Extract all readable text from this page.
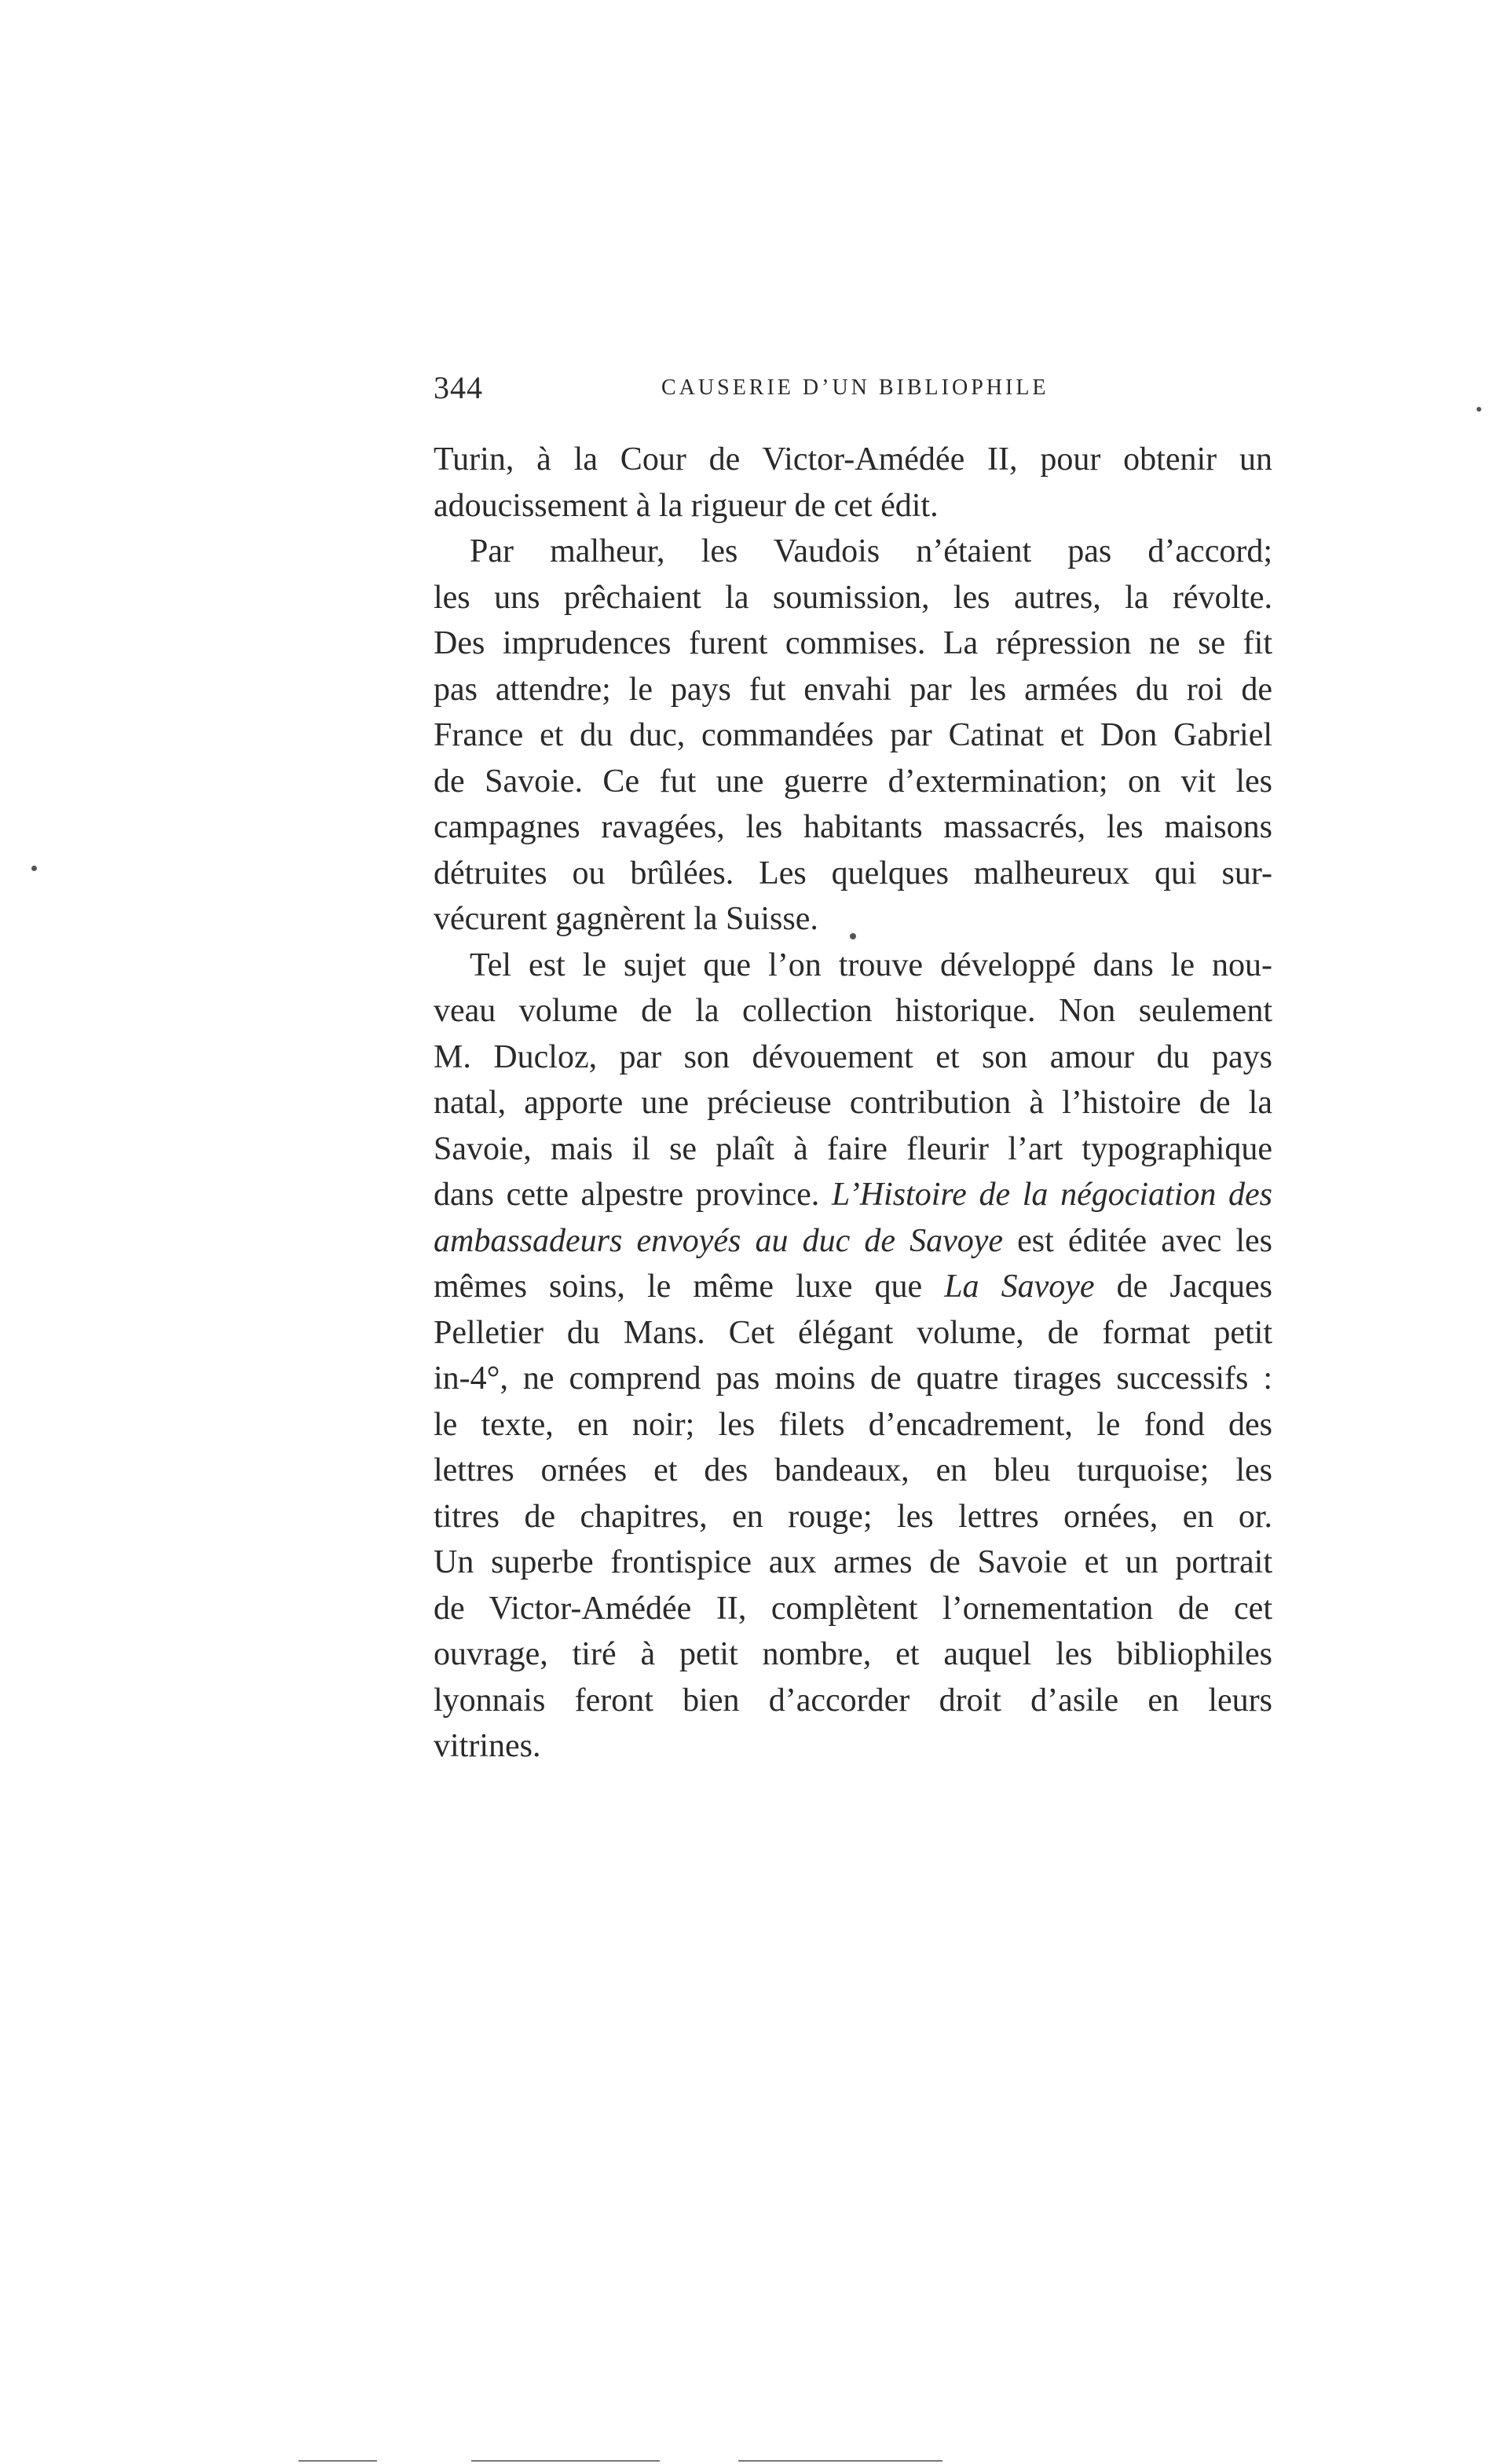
344	CAUSERIE D’UN BIBLIOPHILE

Turin, à la Cour de Victor-Amédée II, pour obtenir un

adoucissement à la rigueur de cet édit.

Par malheur, les Vaudois n’étaient pas d’accord;

les uns prêchaient la soumission, les autres, la révolte.

Des imprudences furent commises. La répression ne se fit

pas attendre; le pays fut envahi par les armées du roi de

France et du duc, commandées par Catinat et Don Gabriel

de Savoie. Ce fut une guerre d’extermination; on vit les

campagnes ravagées, les habitants massacrés, les maisons

détruites ou brûlées. Les quelques malheureux qui sur-

vécurent gagnèrent la Suisse.

Tel est le sujet que l’on trouve développé dans le nou-

veau volume de la collection historique. Non seulement

M. Ducloz, par son dévouement et son amour du pays

natal, apporte une précieuse contribution à l’histoire de la

Savoie, mais il se plaît à faire fleurir l’art typographique

dans cette alpestre province. L’Histoire de la négociation des

ambassadeurs envoyés au duc de Savoye est éditée avec les

mêmes soins, le même luxe que La Savoye de Jacques

Pelletier du Mans. Cet élégant volume, de format petit

in-4°, ne comprend pas moins de quatre tirages successifs :

le texte, en noir; les filets d’encadrement, le fond des

lettres ornées et des bandeaux, en bleu turquoise; les

titres de chapitres, en rouge; les lettres ornées, en or.

Un superbe frontispice aux armes de Savoie et un portrait

de Victor-Amédée II, complètent l’ornementation de cet

ouvrage, tiré à petit nombre, et auquel les bibliophiles

lyonnais feront bien d’accorder droit d’asile en leurs

vitrines.
